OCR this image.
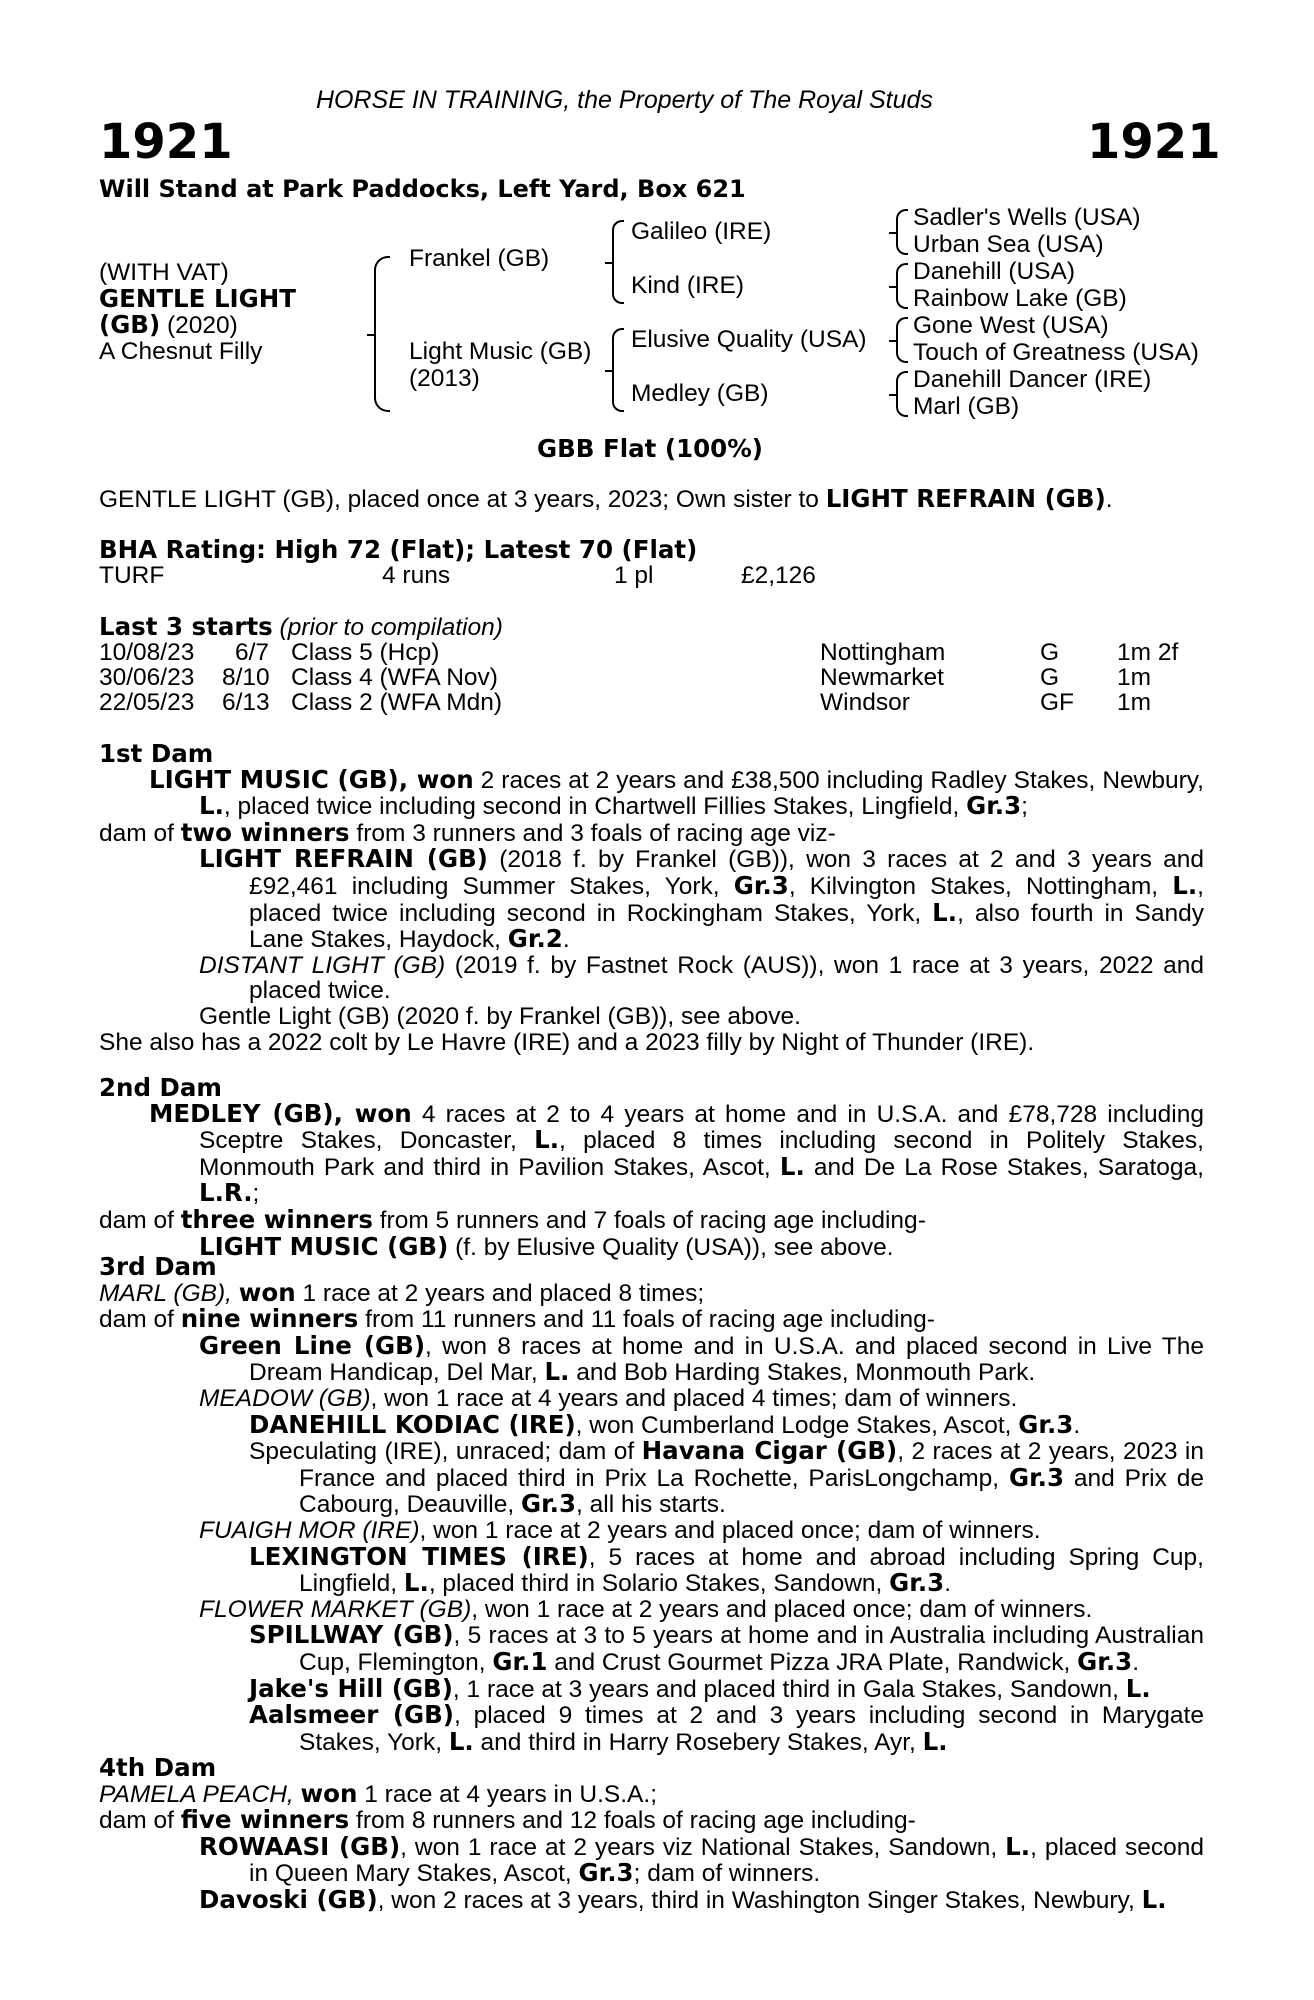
HORSE IN TRAINING, the Property of The Royal Studs
1921	1921
Will Stand at Park Paddocks, Left Yard, Box 621
(WITH VAT)
GENTLE LIGHT
(GB) (2020)
A Chesnut Filly
Frankel (GB)
Light Music (GB)
(2013)
Galileo (IRE)
Kind (IRE)
Elusive Quality (USA)
Medley (GB)
Sadler's Wells (USA)
Urban Sea (USA)
Danehill (USA)
Rainbow Lake (GB)
Gone West (USA)
Touch of Greatness (USA)
Danehill Dancer (IRE)
Marl (GB)
GBB Flat (100%)
GENTLE LIGHT (GB), placed once at 3 years, 2023; Own sister to LIGHT REFRAIN (GB).
BHA Rating: High 72 (Flat); Latest 70 (Flat)
TURF	4 runs	1 pl	£2,126
Last 3 starts (prior to compilation)
10/08/23 6/7 Class 5 (Hcp)	Nottingham	G 1m 2f
30/06/23 8/10 Class 4 (WFA Nov)	Newmarket	G 1m
22/05/23 6/13 Class 2 (WFA Mdn)	Windsor	GF 1m
1st Dam
LIGHT MUSIC (GB), won 2 races at 2 years and £38,500 including Radley Stakes, Newbury, L., placed twice including second in Chartwell Fillies Stakes, Lingfield, Gr.3;
dam of two winners from 3 runners and 3 foals of racing age viz-
LIGHT REFRAIN (GB) (2018 f. by Frankel (GB)), won 3 races at 2 and 3 years and £92,461 including Summer Stakes, York, Gr.3, Kilvington Stakes, Nottingham, L., placed twice including second in Rockingham Stakes, York, L., also fourth in Sandy Lane Stakes, Haydock, Gr.2.
DISTANT LIGHT (GB) (2019 f. by Fastnet Rock (AUS)), won 1 race at 3 years, 2022 and placed twice.
Gentle Light (GB) (2020 f. by Frankel (GB)), see above.
She also has a 2022 colt by Le Havre (IRE) and a 2023 filly by Night of Thunder (IRE).
2nd Dam
MEDLEY (GB), won 4 races at 2 to 4 years at home and in U.S.A. and £78,728 including Sceptre Stakes, Doncaster, L., placed 8 times including second in Politely Stakes, Monmouth Park and third in Pavilion Stakes, Ascot, L. and De La Rose Stakes, Saratoga, L.R.;
dam of three winners from 5 runners and 7 foals of racing age including-
LIGHT MUSIC (GB) (f. by Elusive Quality (USA)), see above.
3rd Dam
MARL (GB), won 1 race at 2 years and placed 8 times;
dam of nine winners from 11 runners and 11 foals of racing age including-
Green Line (GB), won 8 races at home and in U.S.A. and placed second in Live The Dream Handicap, Del Mar, L. and Bob Harding Stakes, Monmouth Park.
MEADOW (GB), won 1 race at 4 years and placed 4 times; dam of winners.
DANEHILL KODIAC (IRE), won Cumberland Lodge Stakes, Ascot, Gr.3.
Speculating (IRE), unraced; dam of Havana Cigar (GB), 2 races at 2 years, 2023 in France and placed third in Prix La Rochette, ParisLongchamp, Gr.3 and Prix de Cabourg, Deauville, Gr.3, all his starts.
FUAIGH MOR (IRE), won 1 race at 2 years and placed once; dam of winners.
LEXINGTON TIMES (IRE), 5 races at home and abroad including Spring Cup, Lingfield, L., placed third in Solario Stakes, Sandown, Gr.3.
FLOWER MARKET (GB), won 1 race at 2 years and placed once; dam of winners.
SPILLWAY (GB), 5 races at 3 to 5 years at home and in Australia including Australian Cup, Flemington, Gr.1 and Crust Gourmet Pizza JRA Plate, Randwick, Gr.3.
Jake's Hill (GB), 1 race at 3 years and placed third in Gala Stakes, Sandown, L.
Aalsmeer (GB), placed 9 times at 2 and 3 years including second in Marygate Stakes, York, L. and third in Harry Rosebery Stakes, Ayr, L.
4th Dam
PAMELA PEACH, won 1 race at 4 years in U.S.A.;
dam of five winners from 8 runners and 12 foals of racing age including-
ROWAASI (GB), won 1 race at 2 years viz National Stakes, Sandown, L., placed second in Queen Mary Stakes, Ascot, Gr.3; dam of winners.
Davoski (GB), won 2 races at 3 years, third in Washington Singer Stakes, Newbury, L.
